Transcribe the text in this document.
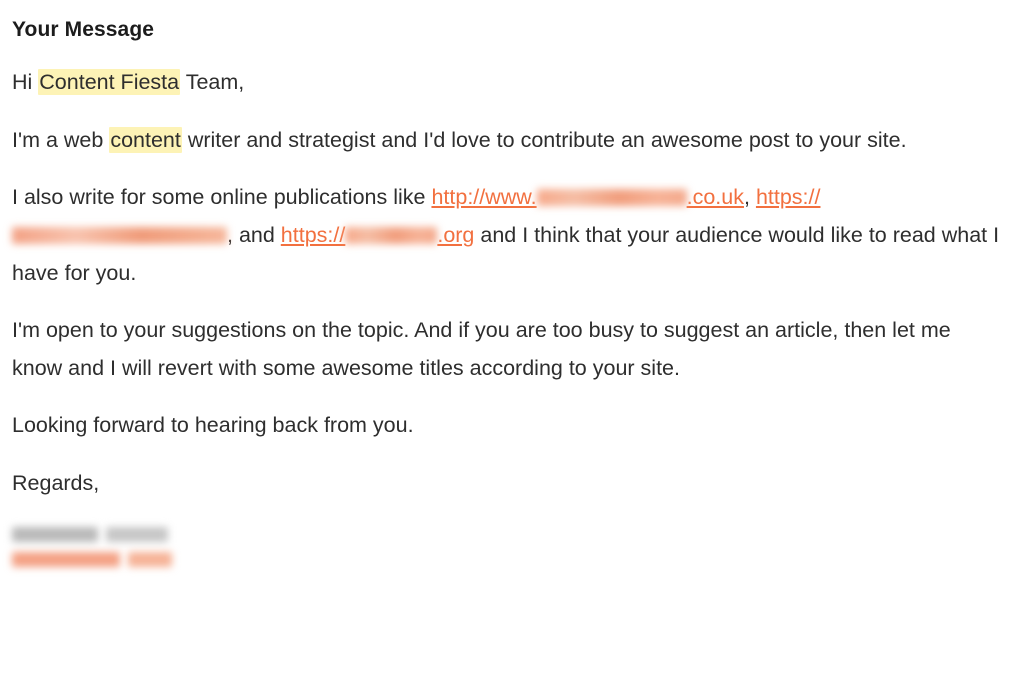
Your Message

Hi Content Fiesta Team,

I'm a web content writer and strategist and I'd love to contribute an awesome post to your site.

I also write for some online publications like http://www.	.co.uk, https://, and https://	.org and I think that your audience would like to read what I have for you.

I'm open to your suggestions on the topic. And if you are too busy to suggest an article, then let me know and I will revert with some awesome titles according to your site.

Looking forward to hearing back from you.

Regards,
